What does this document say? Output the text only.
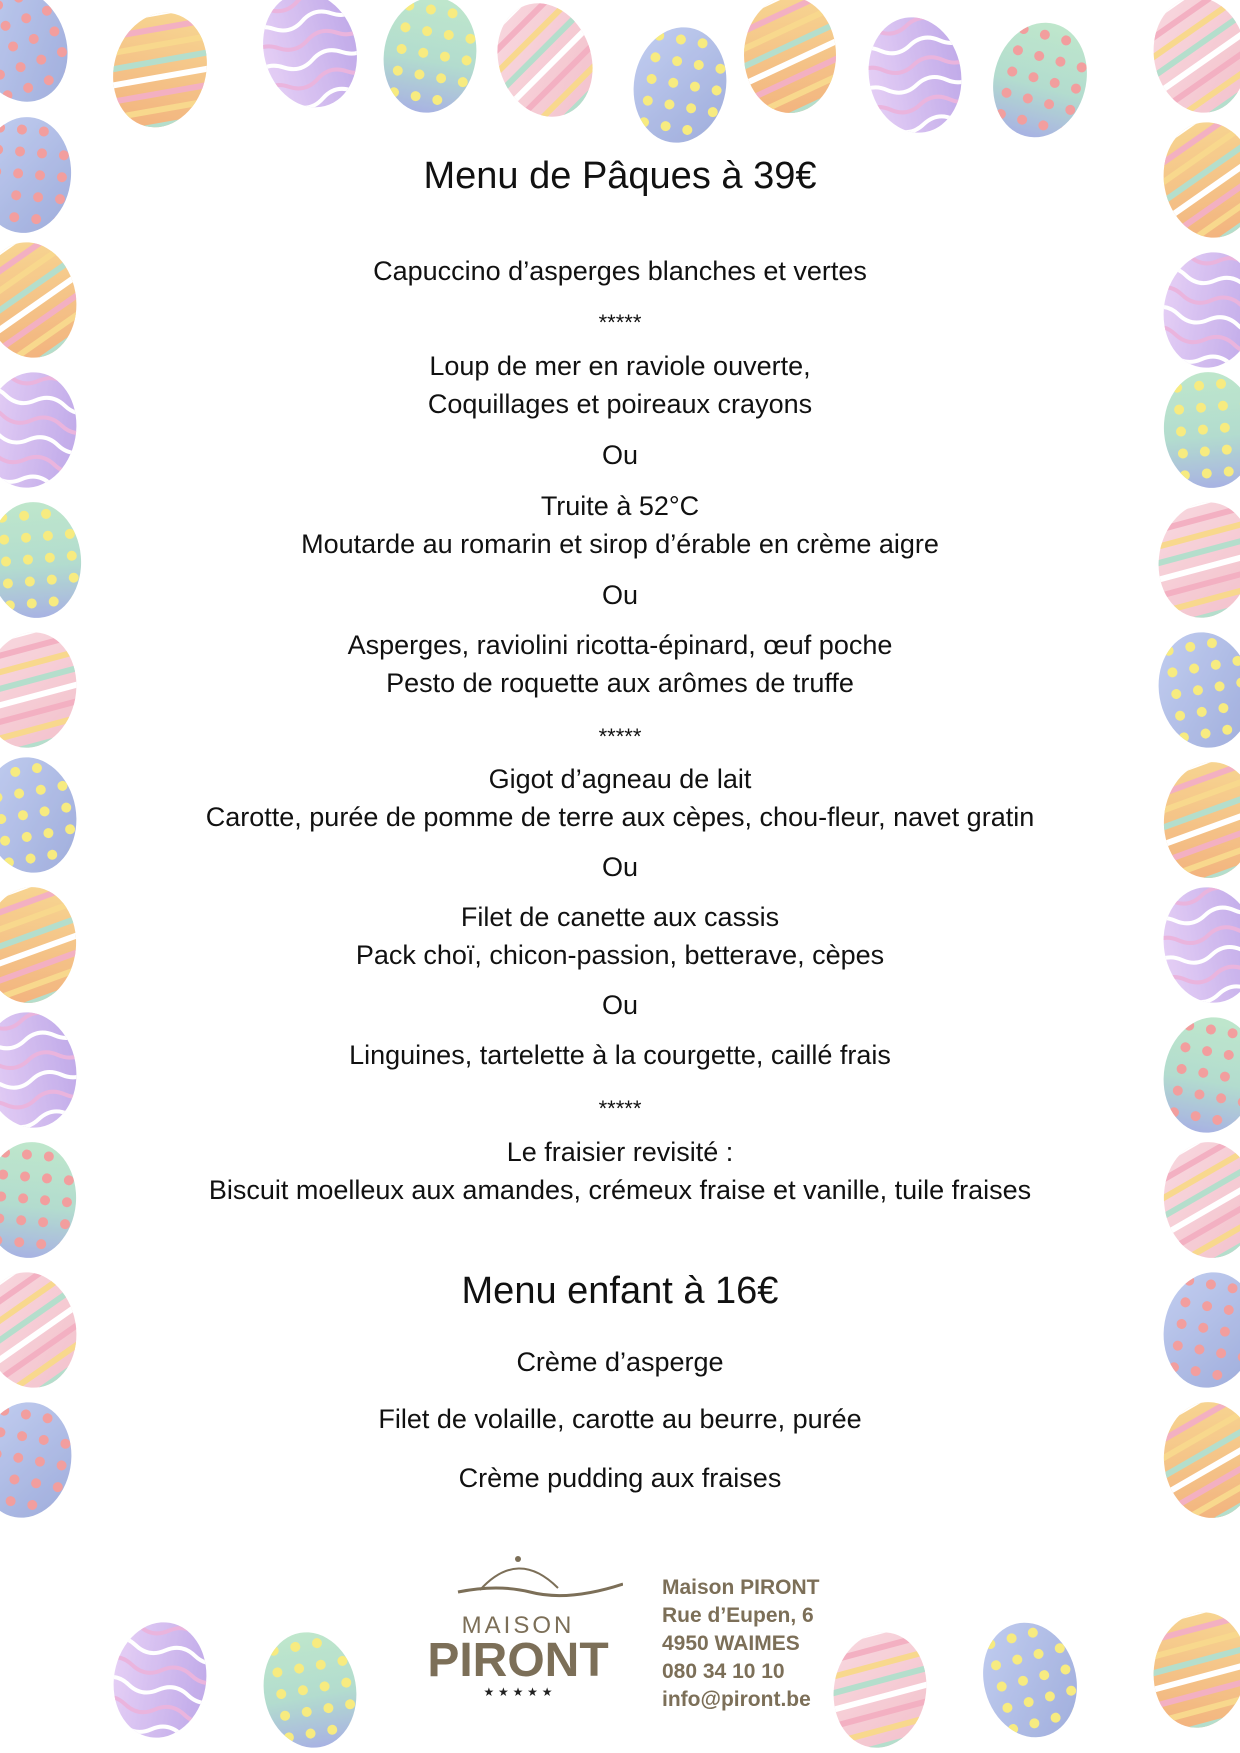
Menu de Pâques à 39€
Capuccino d’asperges blanches et vertes
*****
Loup de mer en raviole ouverte,
Coquillages et poireaux crayons
Ou
Truite à 52°C
Moutarde au romarin et sirop d’érable en crème aigre
Ou
Asperges, raviolini ricotta-épinard, œuf poche
Pesto de roquette aux arômes de truffe
*****
Gigot d’agneau de lait
Carotte, purée de pomme de terre aux cèpes, chou-fleur, navet gratin
Ou
Filet de canette aux cassis
Pack choï, chicon-passion, betterave, cèpes
Ou
Linguines, tartelette à la courgette, caillé frais
*****
Le fraisier revisité :
Biscuit moelleux aux amandes, crémeux fraise et vanille, tuile fraises
Menu enfant à 16€
Crème d’asperge
Filet de volaille, carotte au beurre, purée
Crème pudding aux fraises
MAISON
PIRONT
★ ★ ★ ★ ★
Maison PIRONT
Rue d’Eupen, 6
4950 WAIMES
080 34 10 10
info@piront.be
